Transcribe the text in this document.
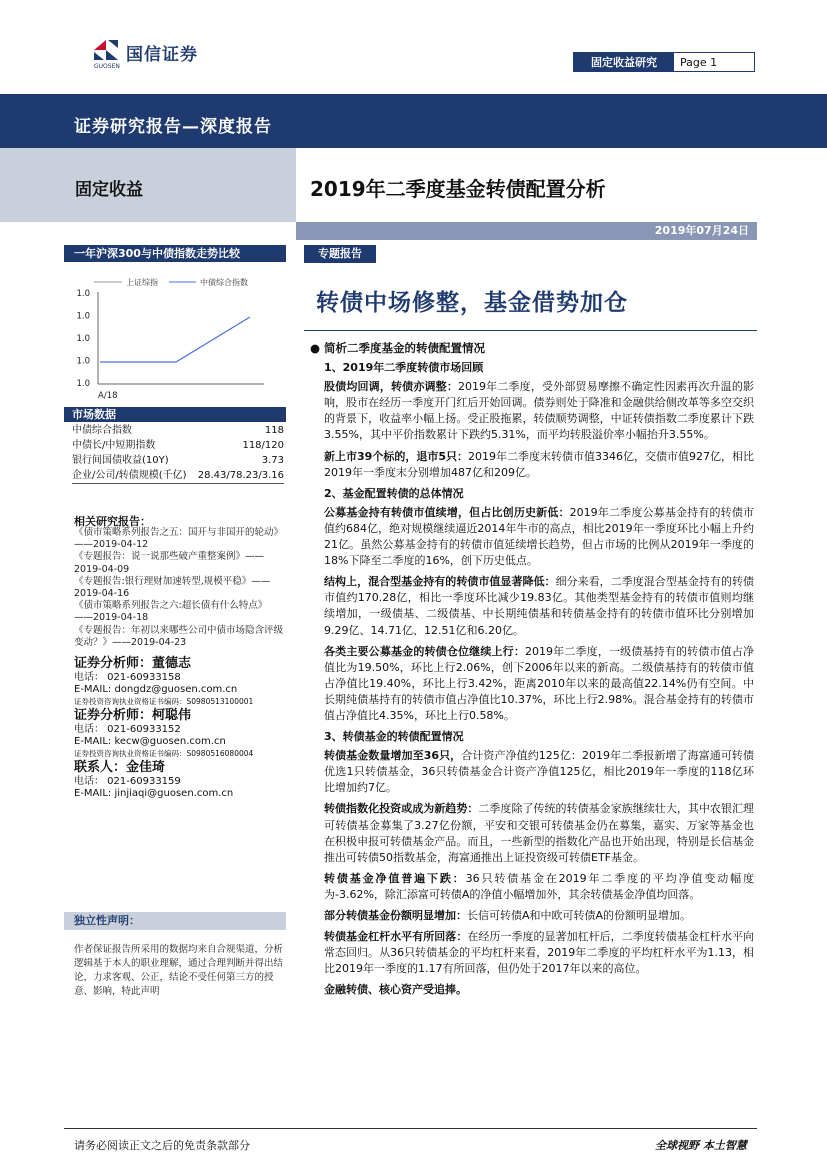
国信证券
GUOSEN	固定收益研究	Page 1
证券研究报告—深度报告
固定收益	2019年二季度基金转债配置分析
2019年07月24日
一年沪深300与中债指数走势比较
上证综指	中债综合指数
1.0
1.0
1.0
1.0
1.0
A/18
市场数据
中债综合指数	118
中债长/中短期指数	118/120
银行间国债收益(10Y)	3.73
企业/公司/转债规模(千亿) 28.43/78.23/3.16
相关研究报告：
《债市策略系列报告之五：国开与非国开的轮动》——2019-04-12
《专题报告：说一说那些破产重整案例》——2019-04-09
《专题报告:银行理财加速转型,规模平稳》——2019-04-16
《债市策略系列报告之六:超长债有什么特点》——2019-04-18
《专题报告：年初以来哪些公司中债市场隐含评级变动？》——2019-04-23
证券分析师：董德志
电话： 021-60933158
E-MAIL: dongdz@guosen.com.cn
证券投资咨询执业资格证书编码：S0980513100001
证券分析师：柯聪伟
电话： 021-60933152
E-MAIL: kecw@guosen.com.cn
证券投资咨询执业资格证书编码：S0980516080004
联系人：金佳琦
电话： 021-60933159
E-MAIL: jinjiaqi@guosen.com.cn
独立性声明：
作者保证报告所采用的数据均来自合规渠道，分析逻辑基于本人的职业理解，通过合理判断并得出结论，力求客观、公正，结论不受任何第三方的授意、影响，特此声明
专题报告
转债中场修整，基金借势加仓
● 简析二季度基金的转债配置情况
1、2019年二季度转债市场回顾

股债均回调，转债亦调整：2019年二季度，受外部贸易摩擦不确定性因素再次升温的影响，股市在经历一季度开门红后开始回调。债券则处于降准和金融供给侧改革等多空交织的背景下，收益率小幅上扬。受正股拖累，转债顺势调整，中证转债指数二季度累计下跌3.55%，其中平价指数累计下跌约5.31%，而平均转股溢价率小幅抬升3.55%。

新上市39个标的，退市5只：2019年二季度末转债市值3346亿，交债市值927亿，相比2019年一季度末分别增加487亿和209亿。

2、基金配置转债的总体情况

公募基金持有转债市值续增，但占比创历史新低：2019年二季度公募基金持有的转债市值约684亿，绝对规模继续逼近2014年牛市的高点，相比2019年一季度环比小幅上升约21亿。虽然公募基金持有的转债市值延续增长趋势，但占市场的比例从2019年一季度的18%下降至二季度的16%，创下历史低点。

结构上，混合型基金持有的转债市值显著降低：细分来看，二季度混合型基金持有的转债市值约170.28亿，相比一季度环比减少19.83亿。其他类型基金持有的转债市值则均继续增加，一级债基、二级债基、中长期纯债基和转债基金持有的转债市值环比分别增加9.29亿、14.71亿、12.51亿和6.20亿。

各类主要公募基金的转债仓位继续上行：2019年二季度，一级债基持有的转债市值占净值比为19.50%，环比上行2.06%，创下2006年以来的新高。二级债基持有的转债市值占净值比19.40%，环比上行3.42%，距离2010年以来的最高值22.14%仍有空间。中长期纯债基持有的转债市值占净值比10.37%，环比上行2.98%。混合基金持有的转债市值占净值比4.35%，环比上行0.58%。

3、转债基金的转债配置情况

转债基金数量增加至36只，合计资产净值约125亿：2019年二季报新增了海富通可转债优选1只转债基金，36只转债基金合计资产净值125亿，相比2019年一季度的118亿环比增加约7亿。

转债指数化投资或成为新趋势：二季度除了传统的转债基金家族继续壮大，其中农银汇理可转债基金募集了3.27亿份额，平安和交银可转债基金仍在募集，嘉实、万家等基金也在积极申报可转债基金产品。而且，一些新型的指数化产品也开始出现，特别是长信基金推出可转债50指数基金，海富通推出上证投资级可转债ETF基金。

转债基金净值普遍下跌：36只转债基金在2019年二季度的平均净值变动幅度为-3.62%，除汇添富可转债A的净值小幅增加外，其余转债基金净值均回落。

部分转债基金份额明显增加：长信可转债A和中欧可转债A的份额明显增加。

转债基金杠杆水平有所回落：在经历一季度的显著加杠杆后，二季度转债基金杠杆水平向常态回归。从36只转债基金的平均杠杆来看，2019年二季度的平均杠杆水平为1.13，相比2019年一季度的1.17有所回落，但仍处于2017年以来的高位。

金融转债、核心资产受追捧。

请务必阅读正文之后的免责条款部分	全球视野 本土智慧
